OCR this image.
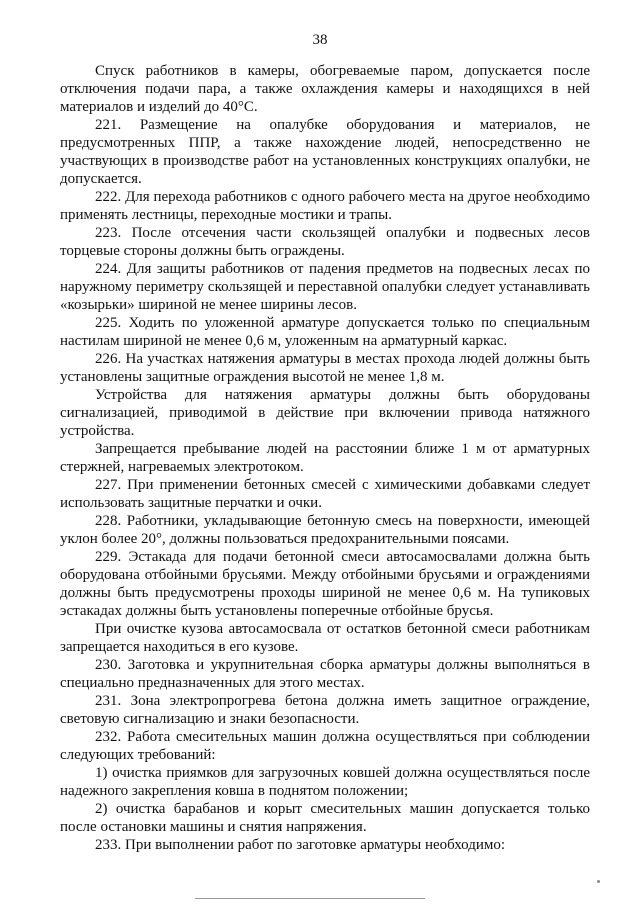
38

Спуск работников в камеры, обогреваемые паром, допускается после отключения подачи пара, а также охлаждения камеры и находящихся в ней материалов и изделий до 40°С.

221. Размещение на опалубке оборудования и материалов, не предусмотренных ППР, а также нахождение людей, непосредственно не участвующих в производстве работ на установленных конструкциях опалубки, не допускается.

222. Для перехода работников с одного рабочего места на другое необходимо применять лестницы, переходные мостики и трапы.

223. После отсечения части скользящей опалубки и подвесных лесов торцевые стороны должны быть ограждены.

224. Для защиты работников от падения предметов на подвесных лесах по наружному периметру скользящей и переставной опалубки следует устанавливать «козырьки» шириной не менее ширины лесов.

225. Ходить по уложенной арматуре допускается только по специальным настилам шириной не менее 0,6 м, уложенным на арматурный каркас.

226. На участках натяжения арматуры в местах прохода людей должны быть установлены защитные ограждения высотой не менее 1,8 м.

Устройства для натяжения арматуры должны быть оборудованы сигнализацией, приводимой в действие при включении привода натяжного устройства.

Запрещается пребывание людей на расстоянии ближе 1 м от арматурных стержней, нагреваемых электротоком.

227. При применении бетонных смесей с химическими добавками следует использовать защитные перчатки и очки.

228. Работники, укладывающие бетонную смесь на поверхности, имеющей уклон более 20°, должны пользоваться предохранительными поясами.

229. Эстакада для подачи бетонной смеси автосамосвалами должна быть оборудована отбойными брусьями. Между отбойными брусьями и ограждениями должны быть предусмотрены проходы шириной не менее 0,6 м. На тупиковых эстакадах должны быть установлены поперечные отбойные брусья.

При очистке кузова автосамосвала от остатков бетонной смеси работникам запрещается находиться в его кузове.

230. Заготовка и укрупнительная сборка арматуры должны выполняться в специально предназначенных для этого местах.

231. Зона электропрогрева бетона должна иметь защитное ограждение, световую сигнализацию и знаки безопасности.

232. Работа смесительных машин должна осуществляться при соблюдении следующих требований:

1) очистка приямков для загрузочных ковшей должна осуществляться после надежного закрепления ковша в поднятом положении;

2) очистка барабанов и корыт смесительных машин допускается только после остановки машины и снятия напряжения.

233. При выполнении работ по заготовке арматуры необходимо:
